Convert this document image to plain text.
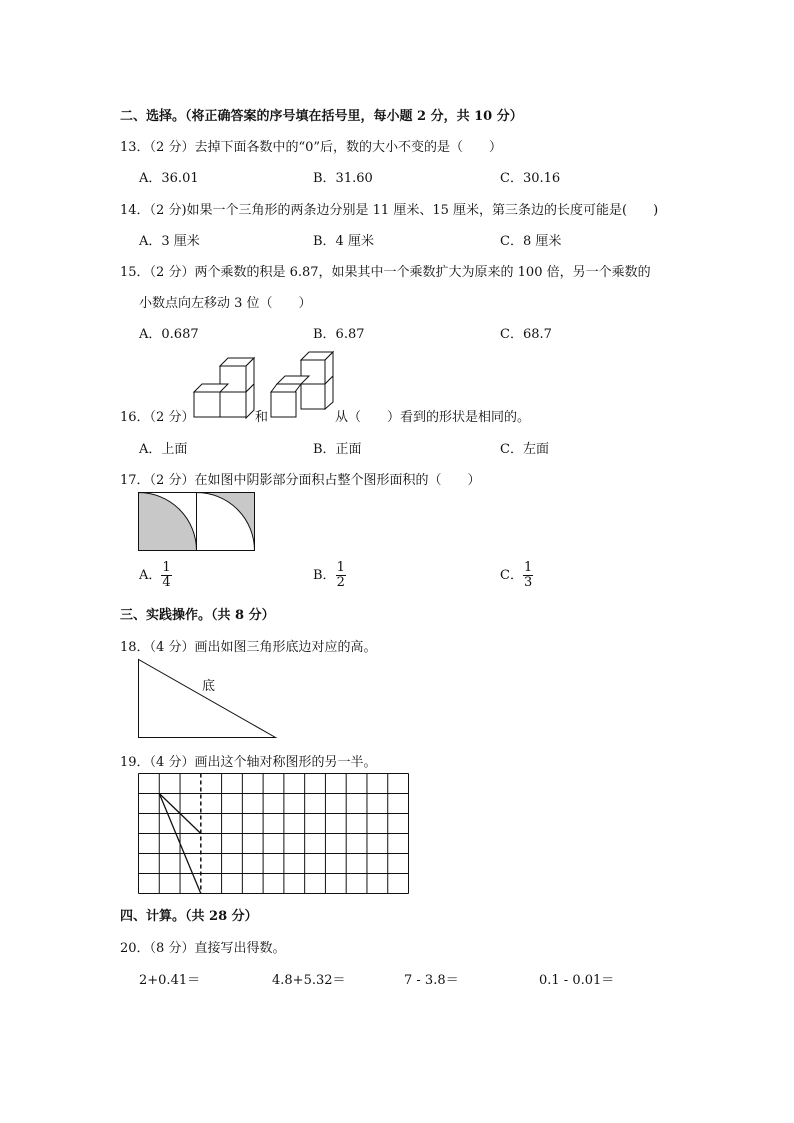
二、选择。（将正确答案的序号填在括号里，每小题 2 分，共 10 分）
13．（2 分）去掉下面各数中的“0”后，数的大小不变的是（　　）
A．36.01	B．31.60	C．30.16
14．（2 分)如果一个三角形的两条边分别是 11 厘米、15 厘米，第三条边的长度可能是(　　)
A．3 厘米	B．4 厘米	C．8 厘米
15．（2 分）两个乘数的积是 6.87，如果其中一个乘数扩大为原来的 100 倍，另一个乘数的
小数点向左移动 3 位（　　）
A．0.687	B．6.87	C．68.7
16．（2 分）	和	从（　　）看到的形状是相同的。
A．上面	B．正面	C．左面
17．（2 分）在如图中阴影部分面积占整个图形面积的（　　）
A． $\frac{1}{4}$	B． $\frac{1}{2}$	C． $\frac{1}{3}$
三、实践操作。（共 8 分）
18．（4 分）画出如图三角形底边对应的高。
底
19．（4 分）画出这个轴对称图形的另一半。
四、计算。（共 28 分）
20．（8 分）直接写出得数。
2+0.41＝	4.8+5.32＝	7 - 3.8＝	0.1 - 0.01＝
